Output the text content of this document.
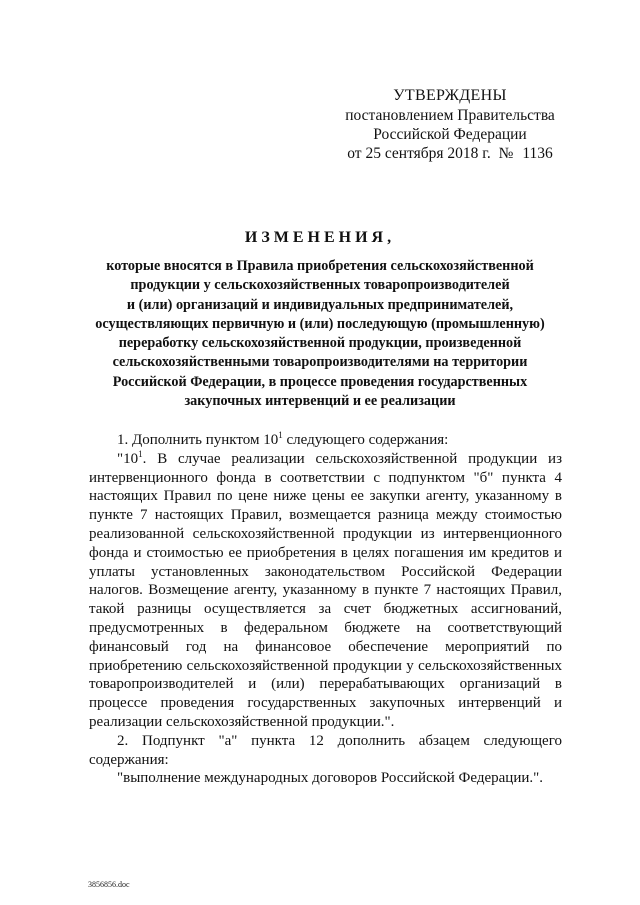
УТВЕРЖДЕНЫ
постановлением Правительства
Российской Федерации
от 25 сентября 2018 г. № 1136
ИЗМЕНЕНИЯ,
которые вносятся в Правила приобретения сельскохозяйственной
продукции у сельскохозяйственных товаропроизводителей
и (или) организаций и индивидуальных предпринимателей,
осуществляющих первичную и (или) последующую (промышленную)
переработку сельскохозяйственной продукции, произведенной
сельскохозяйственными товаропроизводителями на территории
Российской Федерации, в процессе проведения государственных
закупочных интервенций и ее реализации

1. Дополнить пунктом $10^1$ следующего содержания:

"$10^1$. В случае реализации сельскохозяйственной продукции из интервенционного фонда в соответствии с подпунктом "б" пункта 4 настоящих Правил по цене ниже цены ее закупки агенту, указанному в пункте 7 настоящих Правил, возмещается разница между стоимостью реализованной сельскохозяйственной продукции из интервенционного фонда и стоимостью ее приобретения в целях погашения им кредитов и уплаты установленных законодательством Российской Федерации налогов. Возмещение агенту, указанному в пункте 7 настоящих Правил, такой разницы осуществляется за счет бюджетных ассигнований, предусмотренных в федеральном бюджете на соответствующий финансовый год на финансовое обеспечение мероприятий по приобретению сельскохозяйственной продукции у сельскохозяйственных товаропроизводителей и (или) перерабатывающих организаций в процессе проведения государственных закупочных интервенций и реализации сельскохозяйственной продукции.".

2. Подпункт "а" пункта 12 дополнить абзацем следующего содержания:

"выполнение международных договоров Российской Федерации.".

3856856.doc
